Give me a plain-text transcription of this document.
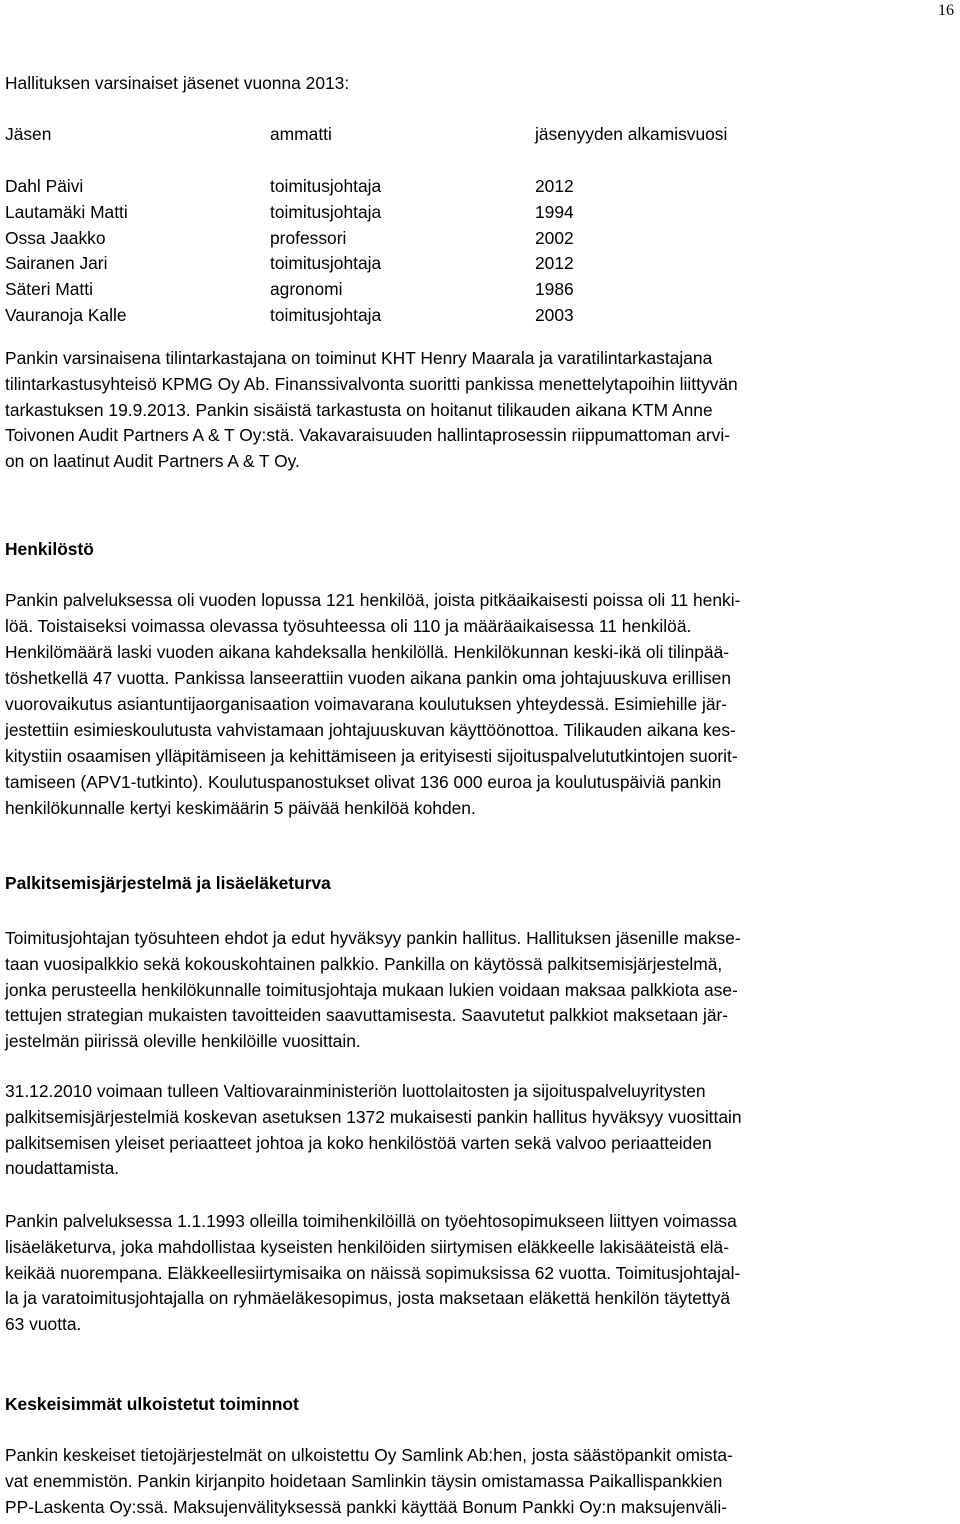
16
Hallituksen varsinaiset jäsenet vuonna 2013:
Jäsen	ammatti	jäsenyyden alkamisvuosi
Dahl Päivi	toimitusjohtaja	2012
Lautamäki Matti	toimitusjohtaja	1994
Ossa Jaakko	professori	2002
Sairanen Jari	toimitusjohtaja	2012
Säteri Matti	agronomi	1986
Vauranoja Kalle	toimitusjohtaja	2003
Pankin varsinaisena tilintarkastajana on toiminut KHT Henry Maarala ja varatilintarkastajana
tilintarkastusyhteisö KPMG Oy Ab. Finanssivalvonta suoritti pankissa menettelytapoihin liittyvän
tarkastuksen 19.9.2013. Pankin sisäistä tarkastusta on hoitanut tilikauden aikana KTM Anne
Toivonen Audit Partners A & T Oy:stä. Vakavaraisuuden hallintaprosessin riippumattoman arvi-
on on laatinut Audit Partners A & T Oy.
Henkilöstö
Pankin palveluksessa oli vuoden lopussa 121 henkilöä, joista pitkäaikaisesti poissa oli 11 henki-
löä. Toistaiseksi voimassa olevassa työsuhteessa oli 110 ja määräaikaisessa 11 henkilöä.
Henkilömäärä laski vuoden aikana kahdeksalla henkilöllä. Henkilökunnan keski-ikä oli tilinpää-
töshetkellä 47 vuotta. Pankissa lanseerattiin vuoden aikana pankin oma johtajuuskuva erillisen
vuorovaikutus asiantuntijaorganisaation voimavarana koulutuksen yhteydessä. Esimiehille jär-
jestettiin esimieskoulutusta vahvistamaan johtajuuskuvan käyttöönottoa. Tilikauden aikana kes-
kitystiin osaamisen ylläpitämiseen ja kehittämiseen ja erityisesti sijoituspalvelututkintojen suorit-
tamiseen (APV1-tutkinto). Koulutuspanostukset olivat 136 000 euroa ja koulutuspäiviä pankin
henkilökunnalle kertyi keskimäärin 5 päivää henkilöä kohden.
Palkitsemisjärjestelmä ja lisäeläketurva
Toimitusjohtajan työsuhteen ehdot ja edut hyväksyy pankin hallitus. Hallituksen jäsenille makse-
taan vuosipalkkio sekä kokouskohtainen palkkio. Pankilla on käytössä palkitsemisjärjestelmä,
jonka perusteella henkilökunnalle toimitusjohtaja mukaan lukien voidaan maksaa palkkiota ase-
tettujen strategian mukaisten tavoitteiden saavuttamisesta. Saavutetut palkkiot maksetaan jär-
jestelmän piirissä oleville henkilöille vuosittain.
31.12.2010 voimaan tulleen Valtiovarainministeriön luottolaitosten ja sijoituspalveluyritysten
palkitsemisjärjestelmiä koskevan asetuksen 1372 mukaisesti pankin hallitus hyväksyy vuosittain
palkitsemisen yleiset periaatteet johtoa ja koko henkilöstöä varten sekä valvoo periaatteiden
noudattamista.
Pankin palveluksessa 1.1.1993 olleilla toimihenkilöillä on työehtosopimukseen liittyen voimassa
lisäeläketurva, joka mahdollistaa kyseisten henkilöiden siirtymisen eläkkeelle lakisääteistä elä-
keikää nuorempana. Eläkkeellesiirtymisaika on näissä sopimuksissa 62 vuotta. Toimitusjohtajal-
la ja varatoimitusjohtajalla on ryhmäeläkesopimus, josta maksetaan eläkettä henkilön täytettyä
63 vuotta.
Keskeisimmät ulkoistetut toiminnot
Pankin keskeiset tietojärjestelmät on ulkoistettu Oy Samlink Ab:hen, josta säästöpankit omista-
vat enemmistön. Pankin kirjanpito hoidetaan Samlinkin täysin omistamassa Paikallispankkien
PP-Laskenta Oy:ssä. Maksujenvälityksessä pankki käyttää Bonum Pankki Oy:n maksujenväli-
